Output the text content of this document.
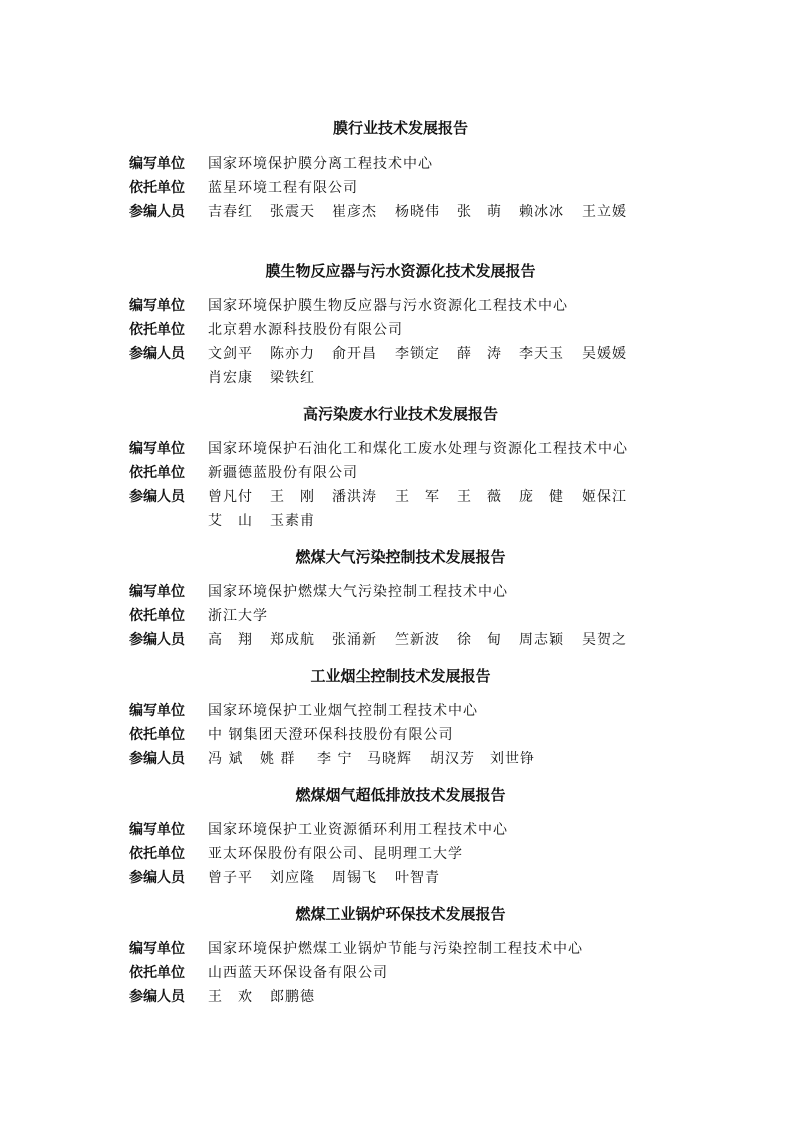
膜行业技术发展报告
编写单位 国家环境保护膜分离工程技术中心
依托单位 蓝星环境工程有限公司
参编人员 吉春红 张震天 崔彦杰 杨晓伟 张　萌 赖冰冰 王立媛
膜生物反应器与污水资源化技术发展报告
编写单位 国家环境保护膜生物反应器与污水资源化工程技术中心
依托单位 北京碧水源科技股份有限公司
参编人员 文剑平 陈亦力 俞开昌 李锁定 薛　涛 李天玉 吴媛媛
肖宏康 梁铁红
高污染废水行业技术发展报告
编写单位 国家环境保护石油化工和煤化工废水处理与资源化工程技术中心
依托单位 新疆德蓝股份有限公司
参编人员 曾凡付 王　刚 潘洪涛 王　军 王　薇 庞　健 姬保江
艾　山 玉素甫
燃煤大气污染控制技术发展报告
编写单位 国家环境保护燃煤大气污染控制工程技术中心
依托单位 浙江大学
参编人员 高　翔 郑成航 张涌新 竺新波 徐　甸 周志颖 吴贺之
工业烟尘控制技术发展报告
编写单位 国家环境保护工业烟气控制工程技术中心
依托单位 中 钢集团天澄环保科技股份有限公司
参编人员 冯 斌 姚 群 李 宁 马晓辉 胡汉芳 刘世铮
燃煤烟气超低排放技术发展报告
编写单位 国家环境保护工业资源循环利用工程技术中心
依托单位 亚太环保股份有限公司、昆明理工大学
参编人员 曾子平 刘应隆 周锡飞 叶智青
燃煤工业锅炉环保技术发展报告
编写单位 国家环境保护燃煤工业锅炉节能与污染控制工程技术中心
依托单位 山西蓝天环保设备有限公司
参编人员 王　欢 郎鹏德
